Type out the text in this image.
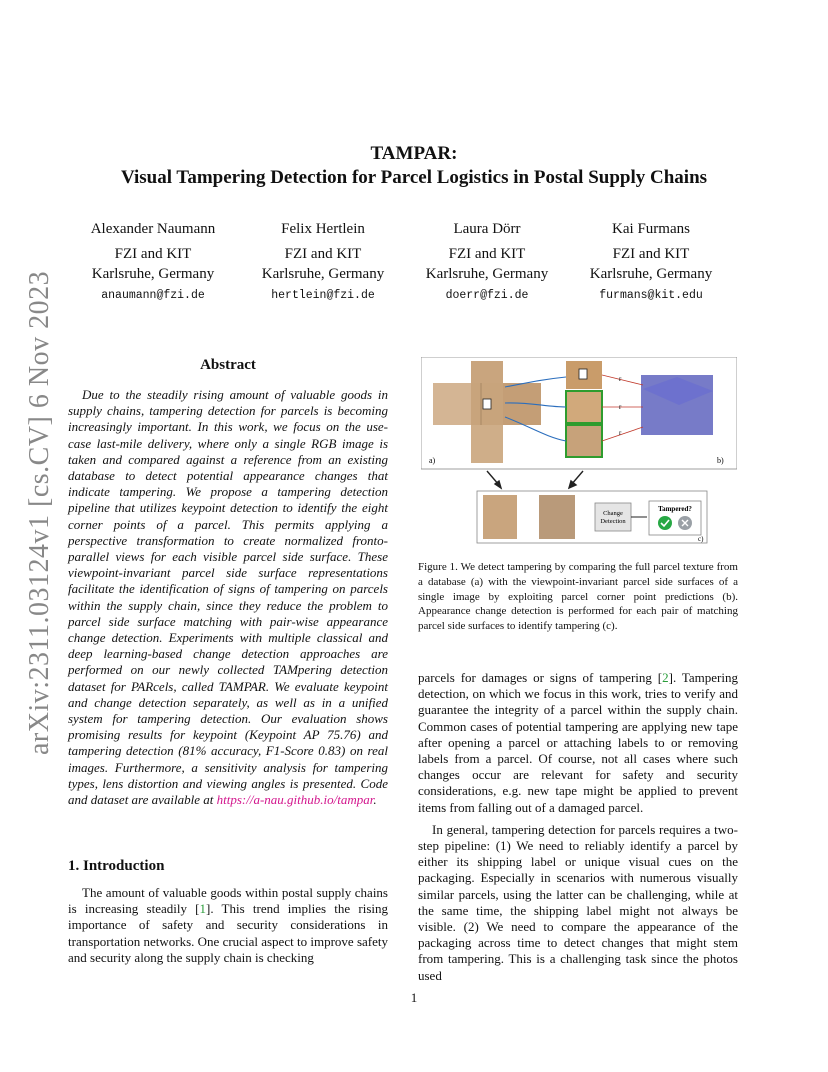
arXiv:2311.03124v1 [cs.CV] 6 Nov 2023
TAMPAR:
Visual Tampering Detection for Parcel Logistics in Postal Supply Chains
Alexander Naumann
FZI and KIT
Karlsruhe, Germany
anaumann@fzi.de
Felix Hertlein
FZI and KIT
Karlsruhe, Germany
hertlein@fzi.de
Laura Dörr
FZI and KIT
Karlsruhe, Germany
doerr@fzi.de
Kai Furmans
FZI and KIT
Karlsruhe, Germany
furmans@kit.edu
Abstract

Due to the steadily rising amount of valuable goods in supply chains, tampering detection for parcels is becoming increasingly important. In this work, we focus on the use-case last-mile delivery, where only a single RGB image is taken and compared against a reference from an existing database to detect potential appearance changes that indicate tampering. We propose a tampering detection pipeline that utilizes keypoint detection to identify the eight corner points of a parcel. This permits applying a perspective transformation to create normalized fronto-parallel views for each visible parcel side surface. These viewpoint-invariant parcel side surface representations facilitate the identification of signs of tampering on parcels within the supply chain, since they reduce the problem to parcel side surface matching with pair-wise appearance change detection. Experiments with multiple classical and deep learning-based change detection approaches are performed on our newly collected TAMpering detection dataset for PARcels, called TAMPAR. We evaluate keypoint and change detection separately, as well as in a unified system for tampering detection. Our evaluation shows promising results for keypoint (Keypoint AP 75.76) and tampering detection (81% accuracy, F1-Score 0.83) on real images. Furthermore, a sensitivity analysis for tampering types, lens distortion and viewing angles is presented. Code and dataset are available at https://a-nau.github.io/tampar.

1. Introduction

The amount of valuable goods within postal supply chains is increasing steadily [1]. This trend implies the rising importance of safety and security considerations in transportation networks. One crucial aspect to improve safety and security along the supply chain is checking

r
r
r
a)	b)
Change
Detection
Tampered?
c)
Figure 1. We detect tampering by comparing the full parcel texture from a database (a) with the viewpoint-invariant parcel side surfaces of a single image by exploiting parcel corner point predictions (b). Appearance change detection is performed for each pair of matching parcel side surfaces to identify tampering (c).

parcels for damages or signs of tampering [2]. Tampering detection, on which we focus in this work, tries to verify and guarantee the integrity of a parcel within the supply chain. Common cases of potential tampering are applying new tape after opening a parcel or attaching labels to or removing labels from a parcel. Of course, not all cases where such changes occur are relevant for safety and security considerations, e.g. new tape might be applied to prevent items from falling out of a damaged parcel.

In general, tampering detection for parcels requires a two-step pipeline: (1) We need to reliably identify a parcel by either its shipping label or unique visual cues on the packaging. Especially in scenarios with numerous visually similar parcels, using the latter can be challenging, while at the same time, the shipping label might not always be visible. (2) We need to compare the appearance of the packaging across time to detect changes that might stem from tampering. This is a challenging task since the photos used

1
